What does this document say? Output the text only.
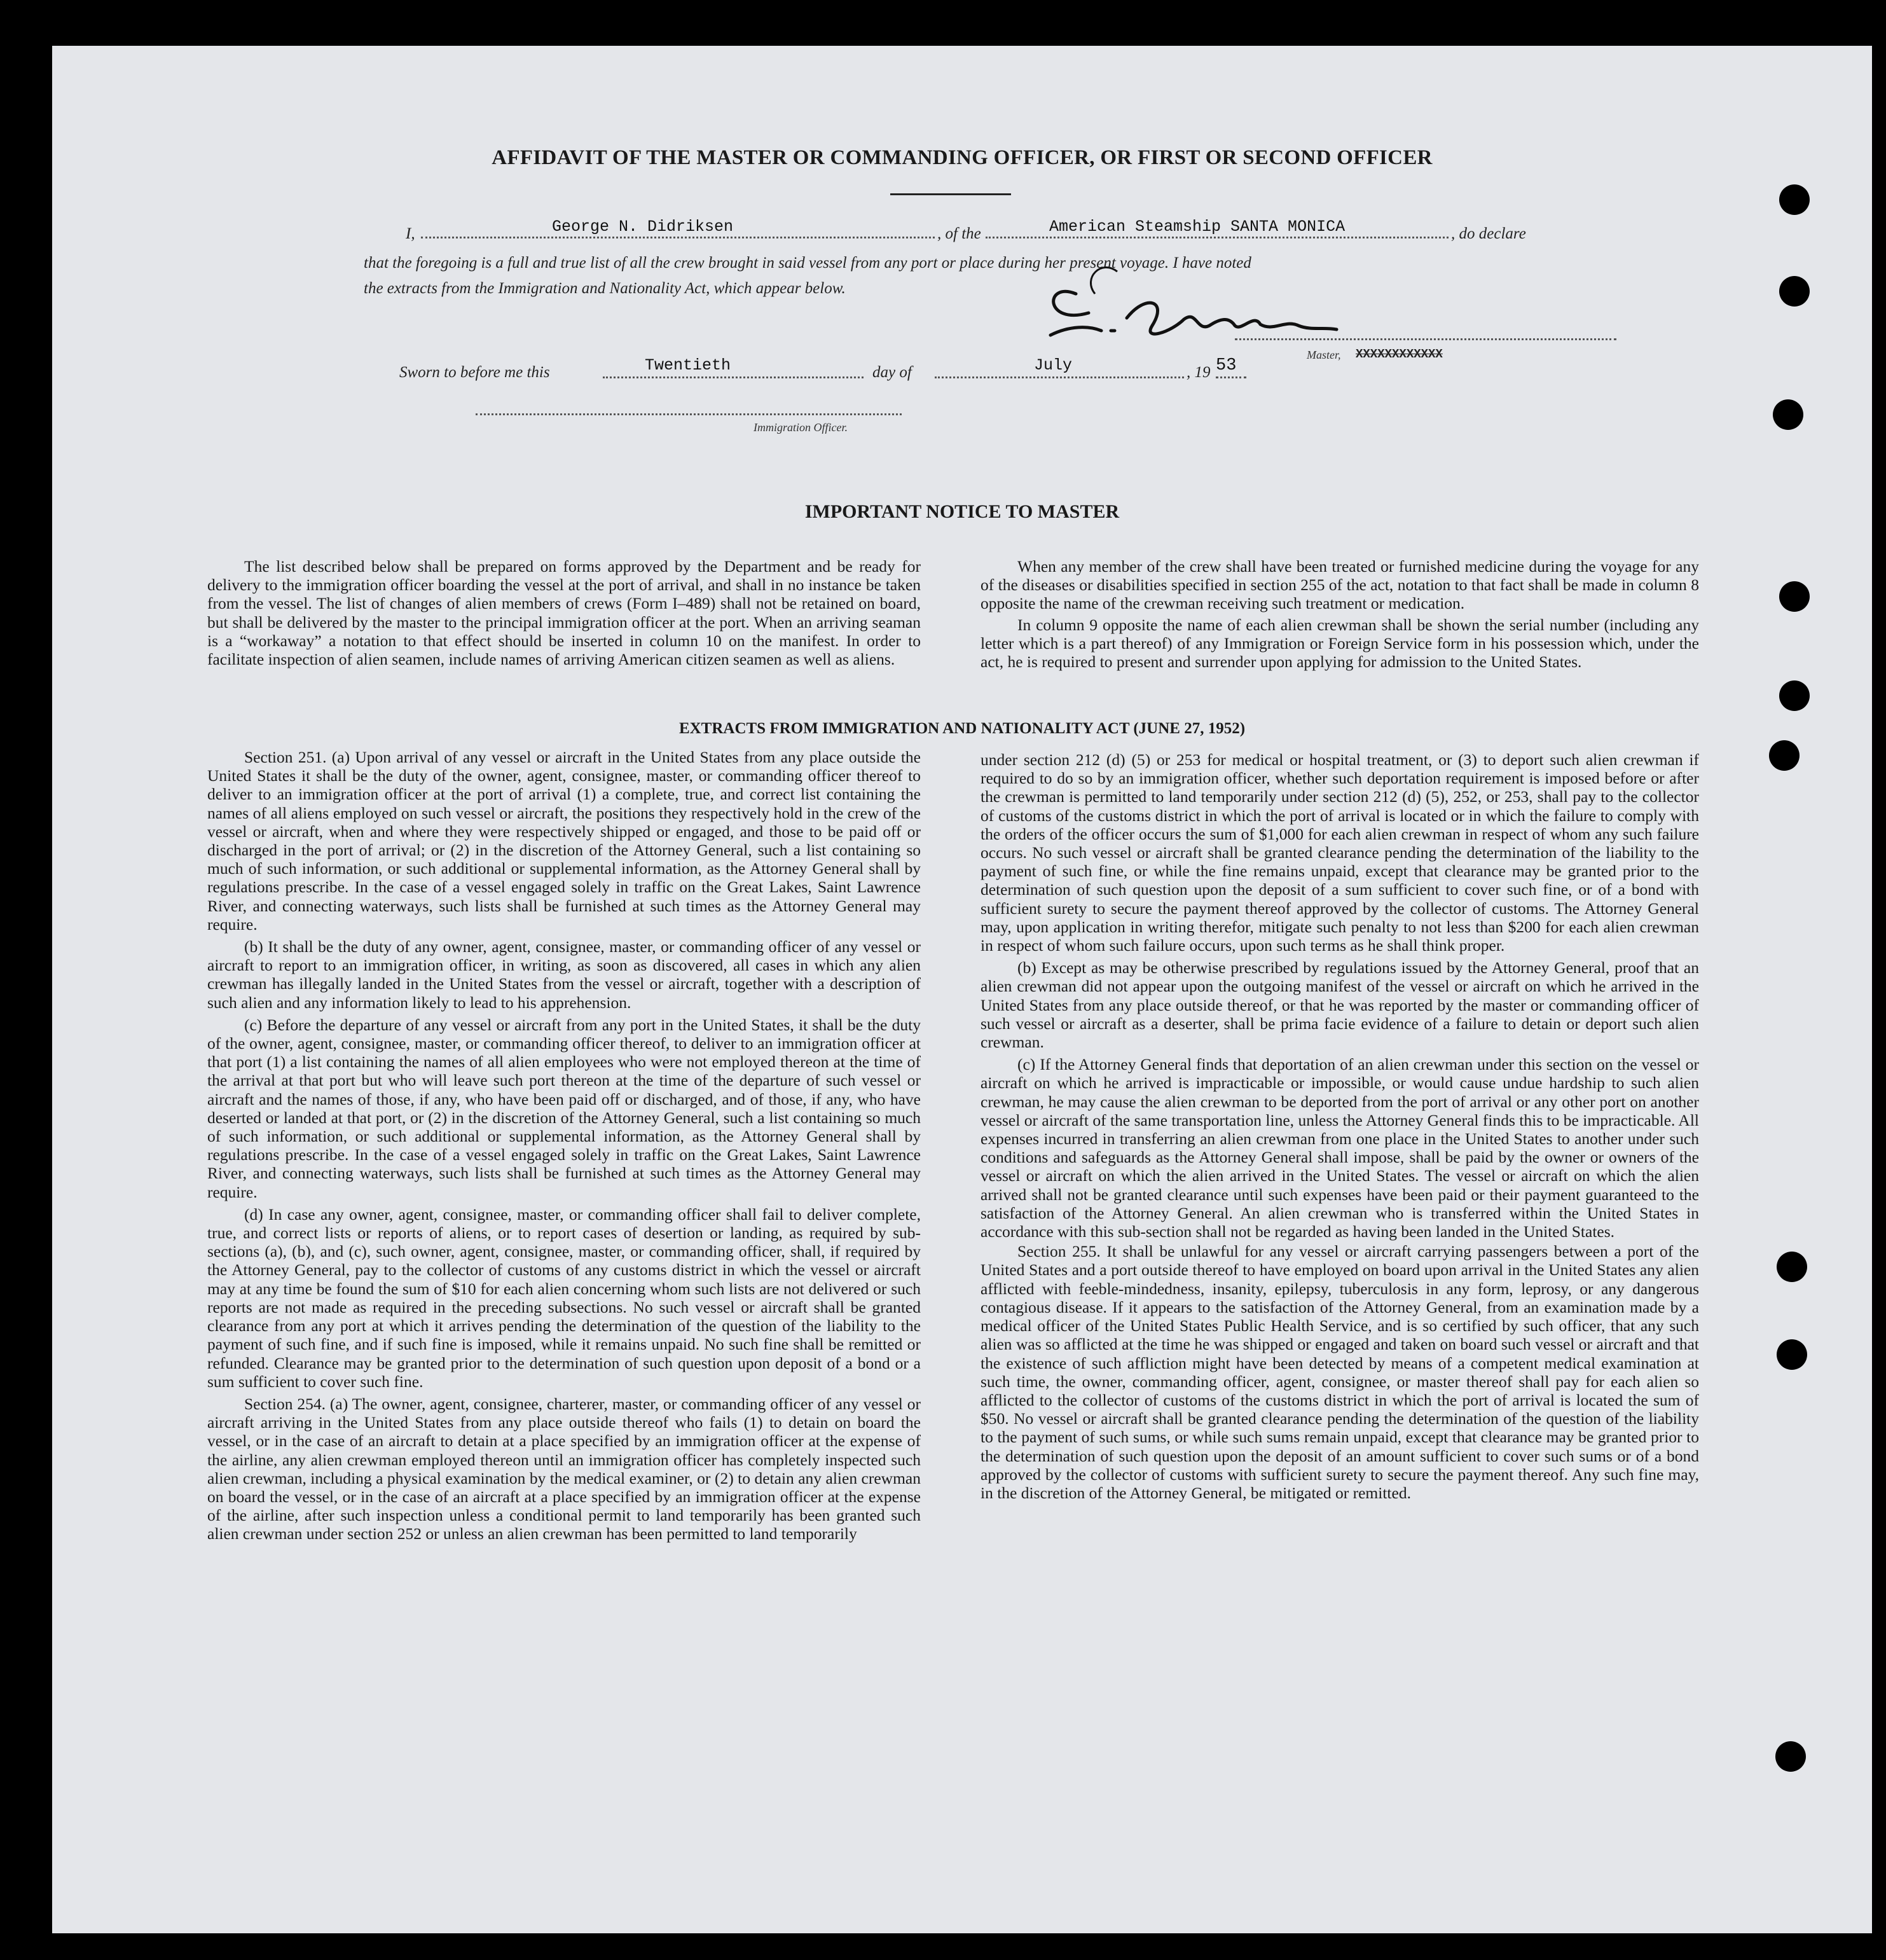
AFFIDAVIT OF THE MASTER OR COMMANDING OFFICER, OR FIRST OR SECOND OFFICER
I,	George N. Didriksen	, of the	American Steamship SANTA MONICA	, do declare
that the foregoing is a full and true list of all the crew brought in said vessel from any port or place during her present voyage. I have noted
the extracts from the Immigration and Nationality Act, which appear below.
Master, XXXXXXXXXXXX
Sworn to before me this	Twentieth	day of	July	, 19 53
Immigration Officer.
IMPORTANT NOTICE TO MASTER

The list described below shall be prepared on forms approved by the Department and be ready for delivery to the immigration officer boarding the vessel at the port of arrival, and shall in no instance be taken from the vessel. The list of changes of alien members of crews (Form I–489) shall not be retained on board, but shall be delivered by the master to the principal immigration officer at the port. When an arriving seaman is a “workaway” a notation to that effect should be inserted in column 10 on the manifest. In order to facilitate inspection of alien seamen, include names of arriving American citizen seamen as well as aliens.

When any member of the crew shall have been treated or furnished medicine during the voyage for any of the diseases or disabilities specified in section 255 of the act, notation to that fact shall be made in column 8 opposite the name of the crewman receiving such treatment or medication.

In column 9 opposite the name of each alien crewman shall be shown the serial number (including any letter which is a part thereof) of any Immigration or Foreign Service form in his possession which, under the act, he is required to present and surrender upon applying for admission to the United States.

EXTRACTS FROM IMMIGRATION AND NATIONALITY ACT (JUNE 27, 1952)

Section 251. (a) Upon arrival of any vessel or aircraft in the United States from any place outside the United States it shall be the duty of the owner, agent, consignee, master, or commanding officer thereof to deliver to an immigration officer at the port of arrival (1) a complete, true, and correct list containing the names of all aliens employed on such vessel or aircraft, the positions they respectively hold in the crew of the vessel or aircraft, when and where they were respectively shipped or engaged, and those to be paid off or discharged in the port of arrival; or (2) in the discretion of the Attorney General, such a list containing so much of such information, or such additional or supplemental information, as the Attorney General shall by regulations prescribe. In the case of a vessel engaged solely in traffic on the Great Lakes, Saint Lawrence River, and connecting waterways, such lists shall be furnished at such times as the Attorney General may require.

(b) It shall be the duty of any owner, agent, consignee, master, or commanding officer of any vessel or aircraft to report to an immigration officer, in writing, as soon as discovered, all cases in which any alien crewman has illegally landed in the United States from the vessel or aircraft, together with a description of such alien and any information likely to lead to his apprehension.

(c) Before the departure of any vessel or aircraft from any port in the United States, it shall be the duty of the owner, agent, consignee, master, or commanding officer thereof, to deliver to an immigration officer at that port (1) a list containing the names of all alien employees who were not employed thereon at the time of the arrival at that port but who will leave such port thereon at the time of the departure of such vessel or aircraft and the names of those, if any, who have been paid off or discharged, and of those, if any, who have deserted or landed at that port, or (2) in the discretion of the Attorney General, such a list containing so much of such information, or such additional or supplemental information, as the Attorney General shall by regulations prescribe. In the case of a vessel engaged solely in traffic on the Great Lakes, Saint Lawrence River, and connecting waterways, such lists shall be furnished at such times as the Attorney General may require.

(d) In case any owner, agent, consignee, master, or commanding officer shall fail to deliver complete, true, and correct lists or reports of aliens, or to report cases of desertion or landing, as required by sub-sections (a), (b), and (c), such owner, agent, consignee, master, or commanding officer, shall, if required by the Attorney General, pay to the collector of customs of any customs district in which the vessel or aircraft may at any time be found the sum of $10 for each alien concerning whom such lists are not delivered or such reports are not made as required in the preceding subsections. No such vessel or aircraft shall be granted clearance from any port at which it arrives pending the determination of the question of the liability to the payment of such fine, and if such fine is imposed, while it remains unpaid. No such fine shall be remitted or refunded. Clearance may be granted prior to the determination of such question upon deposit of a bond or a sum sufficient to cover such fine.

Section 254. (a) The owner, agent, consignee, charterer, master, or commanding officer of any vessel or aircraft arriving in the United States from any place outside thereof who fails (1) to detain on board the vessel, or in the case of an aircraft to detain at a place specified by an immigration officer at the expense of the airline, any alien crewman employed thereon until an immigration officer has completely inspected such alien crewman, including a physical examination by the medical examiner, or (2) to detain any alien crewman on board the vessel, or in the case of an aircraft at a place specified by an immigration officer at the expense of the airline, after such inspection unless a conditional permit to land temporarily has been granted such alien crewman under section 252 or unless an alien crewman has been permitted to land temporarily

under section 212 (d) (5) or 253 for medical or hospital treatment, or (3) to deport such alien crewman if required to do so by an immigration officer, whether such deportation requirement is imposed before or after the crewman is permitted to land temporarily under section 212 (d) (5), 252, or 253, shall pay to the collector of customs of the customs district in which the port of arrival is located or in which the failure to comply with the orders of the officer occurs the sum of $1,000 for each alien crewman in respect of whom any such failure occurs. No such vessel or aircraft shall be granted clearance pending the determination of the liability to the payment of such fine, or while the fine remains unpaid, except that clearance may be granted prior to the determination of such question upon the deposit of a sum sufficient to cover such fine, or of a bond with sufficient surety to secure the payment thereof approved by the collector of customs. The Attorney General may, upon application in writing therefor, mitigate such penalty to not less than $200 for each alien crewman in respect of whom such failure occurs, upon such terms as he shall think proper.

(b) Except as may be otherwise prescribed by regulations issued by the Attorney General, proof that an alien crewman did not appear upon the outgoing manifest of the vessel or aircraft on which he arrived in the United States from any place outside thereof, or that he was reported by the master or commanding officer of such vessel or aircraft as a deserter, shall be prima facie evidence of a failure to detain or deport such alien crewman.

(c) If the Attorney General finds that deportation of an alien crewman under this section on the vessel or aircraft on which he arrived is impracticable or impossible, or would cause undue hardship to such alien crewman, he may cause the alien crewman to be deported from the port of arrival or any other port on another vessel or aircraft of the same transportation line, unless the Attorney General finds this to be impracticable. All expenses incurred in transferring an alien crewman from one place in the United States to another under such conditions and safeguards as the Attorney General shall impose, shall be paid by the owner or owners of the vessel or aircraft on which the alien arrived in the United States. The vessel or aircraft on which the alien arrived shall not be granted clearance until such expenses have been paid or their payment guaranteed to the satisfaction of the Attorney General. An alien crewman who is transferred within the United States in accordance with this sub-section shall not be regarded as having been landed in the United States.

Section 255. It shall be unlawful for any vessel or aircraft carrying passengers between a port of the United States and a port outside thereof to have employed on board upon arrival in the United States any alien afflicted with feeble-mindedness, insanity, epilepsy, tuberculosis in any form, leprosy, or any dangerous contagious disease. If it appears to the satisfaction of the Attorney General, from an examination made by a medical officer of the United States Public Health Service, and is so certified by such officer, that any such alien was so afflicted at the time he was shipped or engaged and taken on board such vessel or aircraft and that the existence of such affliction might have been detected by means of a competent medical examination at such time, the owner, commanding officer, agent, consignee, or master thereof shall pay for each alien so afflicted to the collector of customs of the customs district in which the port of arrival is located the sum of $50. No vessel or aircraft shall be granted clearance pending the determination of the question of the liability to the payment of such sums, or while such sums remain unpaid, except that clearance may be granted prior to the determination of such question upon the deposit of an amount sufficient to cover such sums or of a bond approved by the collector of customs with sufficient surety to secure the payment thereof. Any such fine may, in the discretion of the Attorney General, be mitigated or remitted.
